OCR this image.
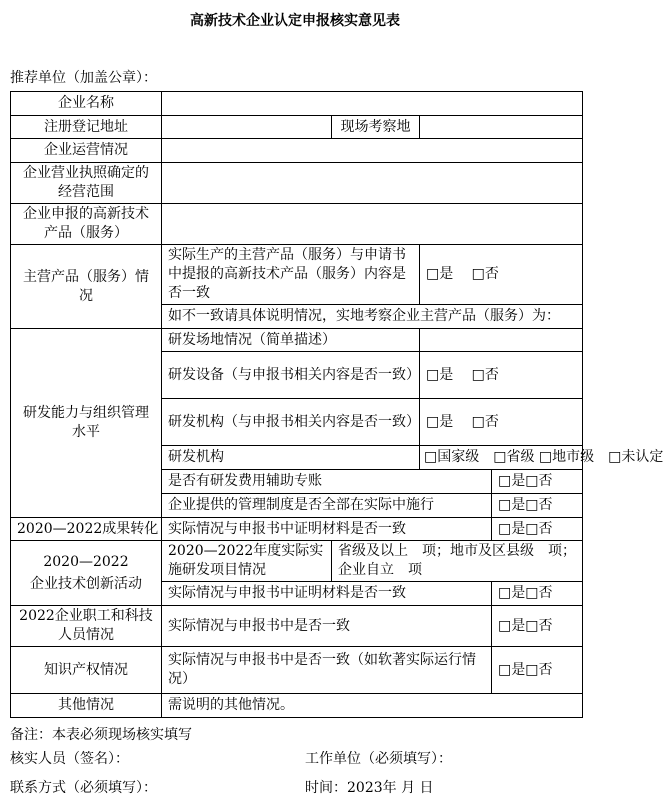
高新技术企业认定申报核实意见表
推荐单位（加盖公章）：
企业名称				
注册登记地址		现场考察地		
企业运营情况				
企业营业执照确定的经营范围				
企业申报的高新技术产品（服务）				
主营产品（服务）情况	实际生产的主营产品（服务）与申请书中提报的高新技术产品（服务）内容是否一致		□是　 □否	
	如不一致请具体说明情况，实地考察企业主营产品（服务）为：			
研发能力与组织管理水平	研发场地情况（简单描述）			
	研发设备（与申报书相关内容是否一致）		□是　 □否	
	研发机构（与申报书相关内容是否一致）		□是　 □否	
	研发机构		□国家级　□省级 □地市级　□未认定	
	是否有研发费用辅助专账			□是□否
	企业提供的管理制度是否全部在实际中施行			□是□否
2020—2022成果转化	实际情况与申报书中证明材料是否一致			□是□否

2020—2022
企业技术创新活动	2020—2022年度实际实施研发项目情况	省级及以上　项；地市及区县级　项；企业自立　项		
	实际情况与申报书中证明材料是否一致			□是□否
2022企业职工和科技人员情况	实际情况与申报书中是否一致			□是□否
知识产权情况	实际情况与申报书中是否一致（如软著实际运行情况）			□是□否
其他情况	需说明的其他情况。			
备注：本表必须现场核实填写
核实人员（签名）：	工作单位（必须填写）：
联系方式（必须填写）：	时间：2023年 月 日
